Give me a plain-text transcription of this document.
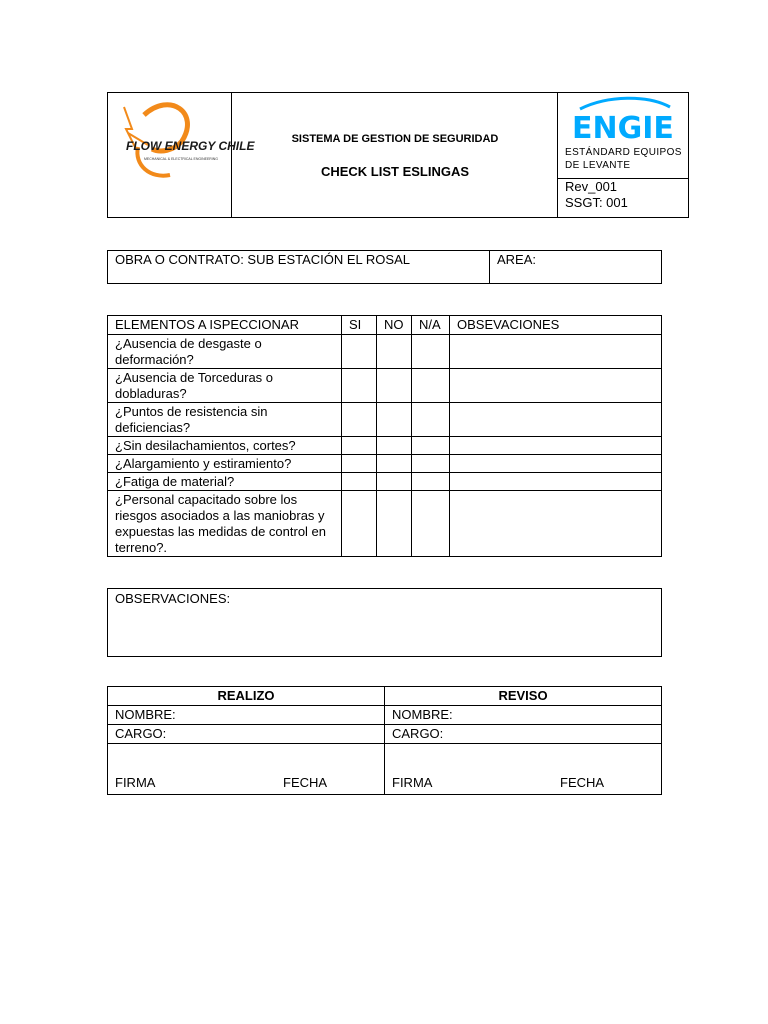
FLOW ENERGY CHILE
MECHANICAL & ELECTRICAL ENGINEERING
SISTEMA DE GESTION DE SEGURIDAD
CHECK LIST ESLINGAS
ENGIE
ESTÁNDARD EQUIPOS DE LEVANTE
Rev_001
SSGT: 001
OBRA O CONTRATO: SUB ESTACIÓN EL ROSAL	AREA:
ELEMENTOS A ISPECCIONAR	SI	NO	N/A	OBSEVACIONES
¿Ausencia de desgaste o deformación?				
¿Ausencia de Torceduras o dobladuras?				
¿Puntos de resistencia sin deficiencias?				
¿Sin desilachamientos, cortes?				
¿Alargamiento y estiramiento?				
¿Fatiga de material?				
¿Personal capacitado sobre los riesgos asociados a las maniobras y expuestas las medidas de control en terreno?.				
OBSERVACIONES:
REALIZO	REVISO
NOMBRE:	NOMBRE:
CARGO:	CARGO:

FIRMA FECHA	FIRMA FECHA
